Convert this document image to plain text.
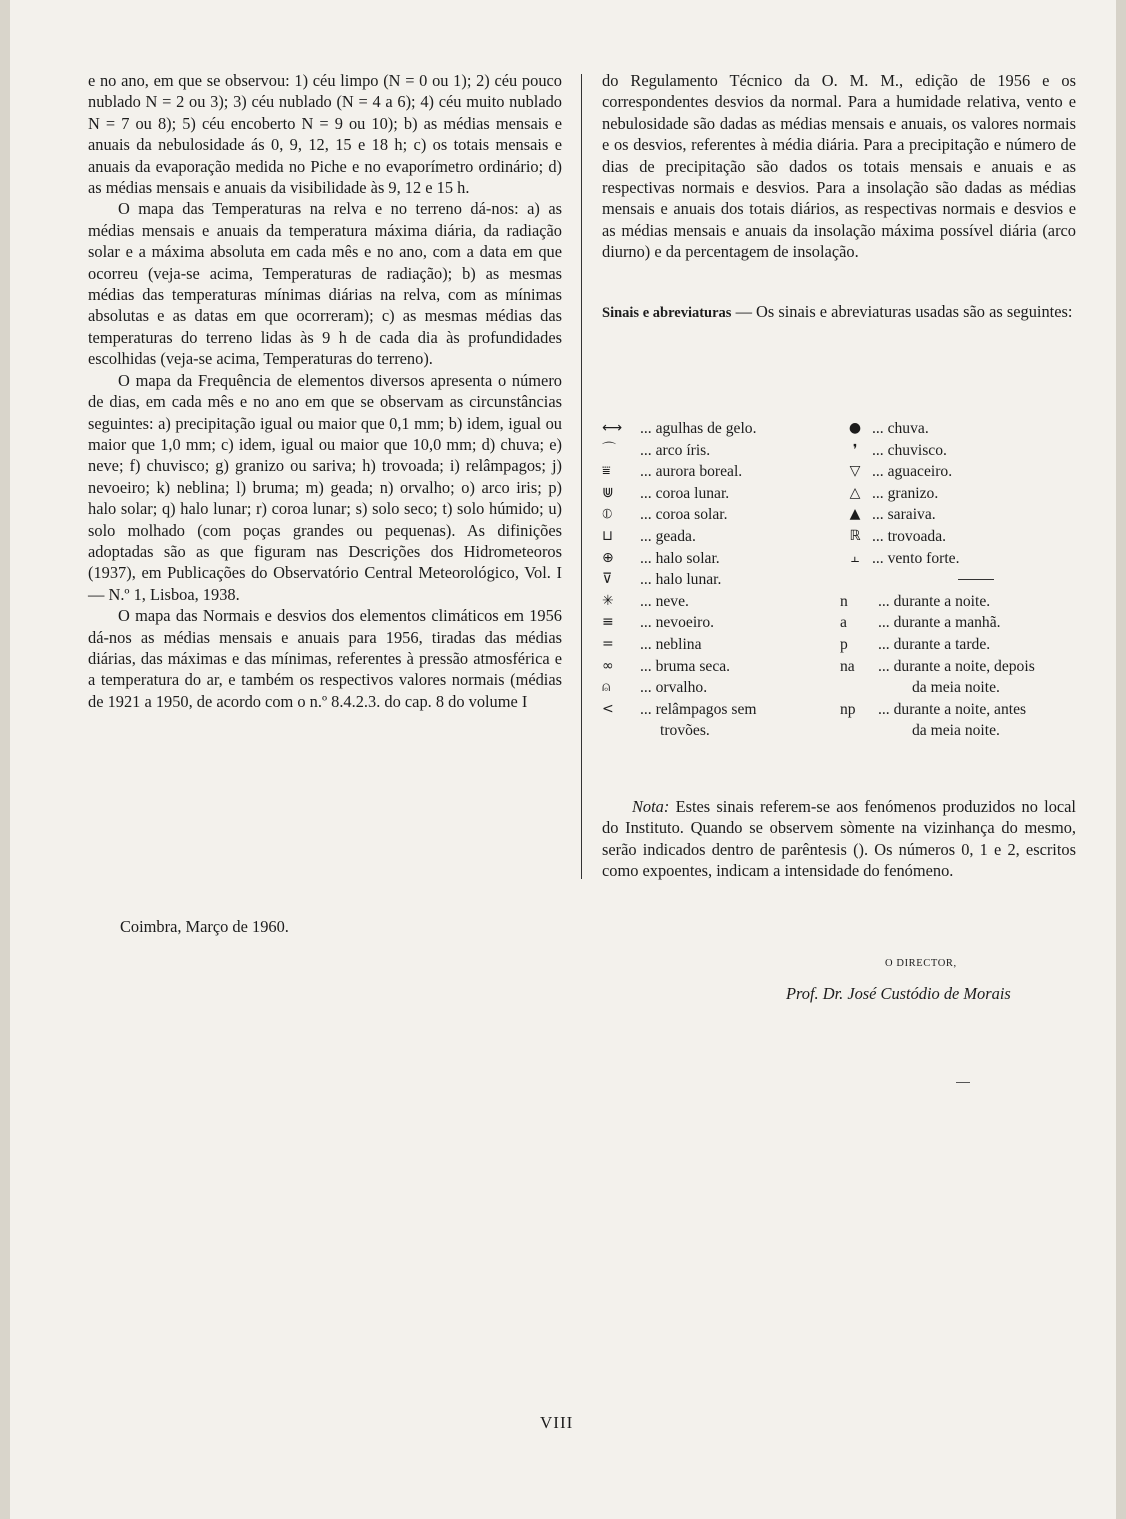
e no ano, em que se observou: 1) céu limpo (N = 0 ou 1); 2) céu pouco nublado N = 2 ou 3); 3) céu nublado (N = 4 a 6); 4) céu muito nublado N = 7 ou 8); 5) céu encoberto N = 9 ou 10); b) as médias mensais e anuais da nebulosidade ás 0, 9, 12, 15 e 18 h; c) os totais mensais e anuais da evaporação medida no Piche e no evaporímetro ordinário; d) as médias mensais e anuais da visibilidade às 9, 12 e 15 h.

O mapa das Temperaturas na relva e no terreno dá-nos: a) as médias mensais e anuais da temperatura máxima diária, da radiação solar e a máxima absoluta em cada mês e no ano, com a data em que ocorreu (veja-se acima, Temperaturas de radiação); b) as mesmas médias das temperaturas mínimas diárias na relva, com as mínimas absolutas e as datas em que ocorreram); c) as mesmas médias das temperaturas do terreno lidas às 9 h de cada dia às profundidades escolhidas (veja-se acima, Temperaturas do terreno).

O mapa da Frequência de elementos diversos apresenta o número de dias, em cada mês e no ano em que se observam as circunstâncias seguintes: a) precipitação igual ou maior que 0,1 mm; b) idem, igual ou maior que 1,0 mm; c) idem, igual ou maior que 10,0 mm; d) chuva; e) neve; f) chuvisco; g) granizo ou sariva; h) trovoada; i) relâmpagos; j) nevoeiro; k) neblina; l) bruma; m) geada; n) orvalho; o) arco iris; p) halo solar; q) halo lunar; r) coroa lunar; s) solo seco; t) solo húmido; u) solo molhado (com poças grandes ou pequenas). As difinições adoptadas são as que figuram nas Descrições dos Hidrometeoros (1937), em Publicações do Observatório Central Meteorológico, Vol. I — N.º 1, Lisboa, 1938.

O mapa das Normais e desvios dos elementos climáticos em 1956 dá-nos as médias mensais e anuais para 1956, tiradas das médias diárias, das máximas e das mínimas, referentes à pressão atmosférica e a temperatura do ar, e também os respectivos valores normais (médias de 1921 a 1950, de acordo com o n.º 8.4.2.3. do cap. 8 do volume I

do Regulamento Técnico da O. M. M., edição de 1956 e os correspondentes desvios da normal. Para a humidade relativa, vento e nebulosidade são dadas as médias mensais e anuais, os valores normais e os desvios, referentes à média diária. Para a precipitação e número de dias de precipitação são dados os totais mensais e anuais e as respectivas normais e desvios. Para a insolação são dadas as médias mensais e anuais dos totais diários, as respectivas normais e desvios e as médias mensais e anuais da insolação máxima possível diária (arco diurno) e da percentagem de insolação.

Sinais e abreviaturas — Os sinais e abreviaturas usadas são as seguintes:

⟷	... agulhas de gelo.
⌒	... arco íris.
⩸	... aurora boreal.
⋓	... coroa lunar.
⦶	... coroa solar.
⊔	... geada.
⊕	... halo solar.
⊽	... halo lunar.
✳	... neve.
≡	... nevoeiro.
=	... neblina
∞	... bruma seca.
⍝	... orvalho.
<	... relâmpagos sem
trovões.
● ... chuva.
❜ ... chuvisco.
▽ ... aguaceiro.
△ ... granizo.
▲ ... saraiva.
ℝ ... trovoada.
⫠ ... vento forte.
n	... durante a noite.
a	... durante a manhã.
p	... durante a tarde.
na	... durante a noite, depois
da meia noite.
np	... durante a noite, antes
da meia noite.

Nota: Estes sinais referem-se aos fenómenos produzidos no local do Instituto. Quando se observem sòmente na vizinhança do mesmo, serão indicados dentro de parêntesis (). Os números 0, 1 e 2, escritos como expoentes, indicam a intensidade do fenómeno.

Coimbra, Março de 1960.
O DIRECTOR,
Prof. Dr. José Custódio de Morais
VIII
